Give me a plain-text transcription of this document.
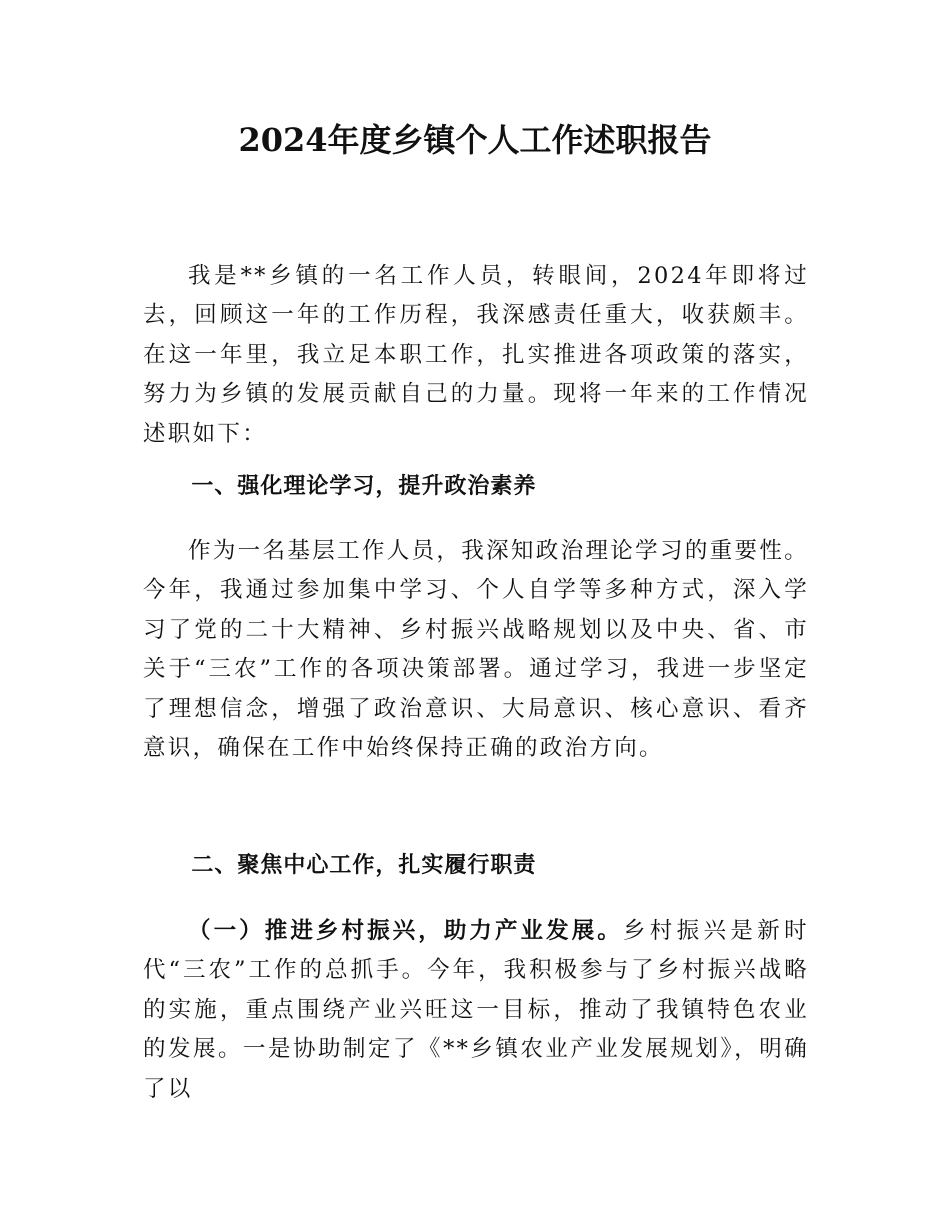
2024年度乡镇个人工作述职报告

我是**乡镇的一名工作人员，转眼间，2024年即将过去，回顾这一年的工作历程，我深感责任重大，收获颇丰。在这一年里，我立足本职工作，扎实推进各项政策的落实，努力为乡镇的发展贡献自己的力量。现将一年来的工作情况述职如下：

一、强化理论学习，提升政治素养

作为一名基层工作人员，我深知政治理论学习的重要性。今年，我通过参加集中学习、个人自学等多种方式，深入学习了党的二十大精神、乡村振兴战略规划以及中央、省、市关于“三农”工作的各项决策部署。通过学习，我进一步坚定了理想信念，增强了政治意识、大局意识、核心意识、看齐意识，确保在工作中始终保持正确的政治方向。

二、聚焦中心工作，扎实履行职责

（一）推进乡村振兴，助力产业发展。乡村振兴是新时代“三农”工作的总抓手。今年，我积极参与了乡村振兴战略的实施，重点围绕产业兴旺这一目标，推动了我镇特色农业的发展。一是协助制定了《**乡镇农业产业发展规划》，明确了以
